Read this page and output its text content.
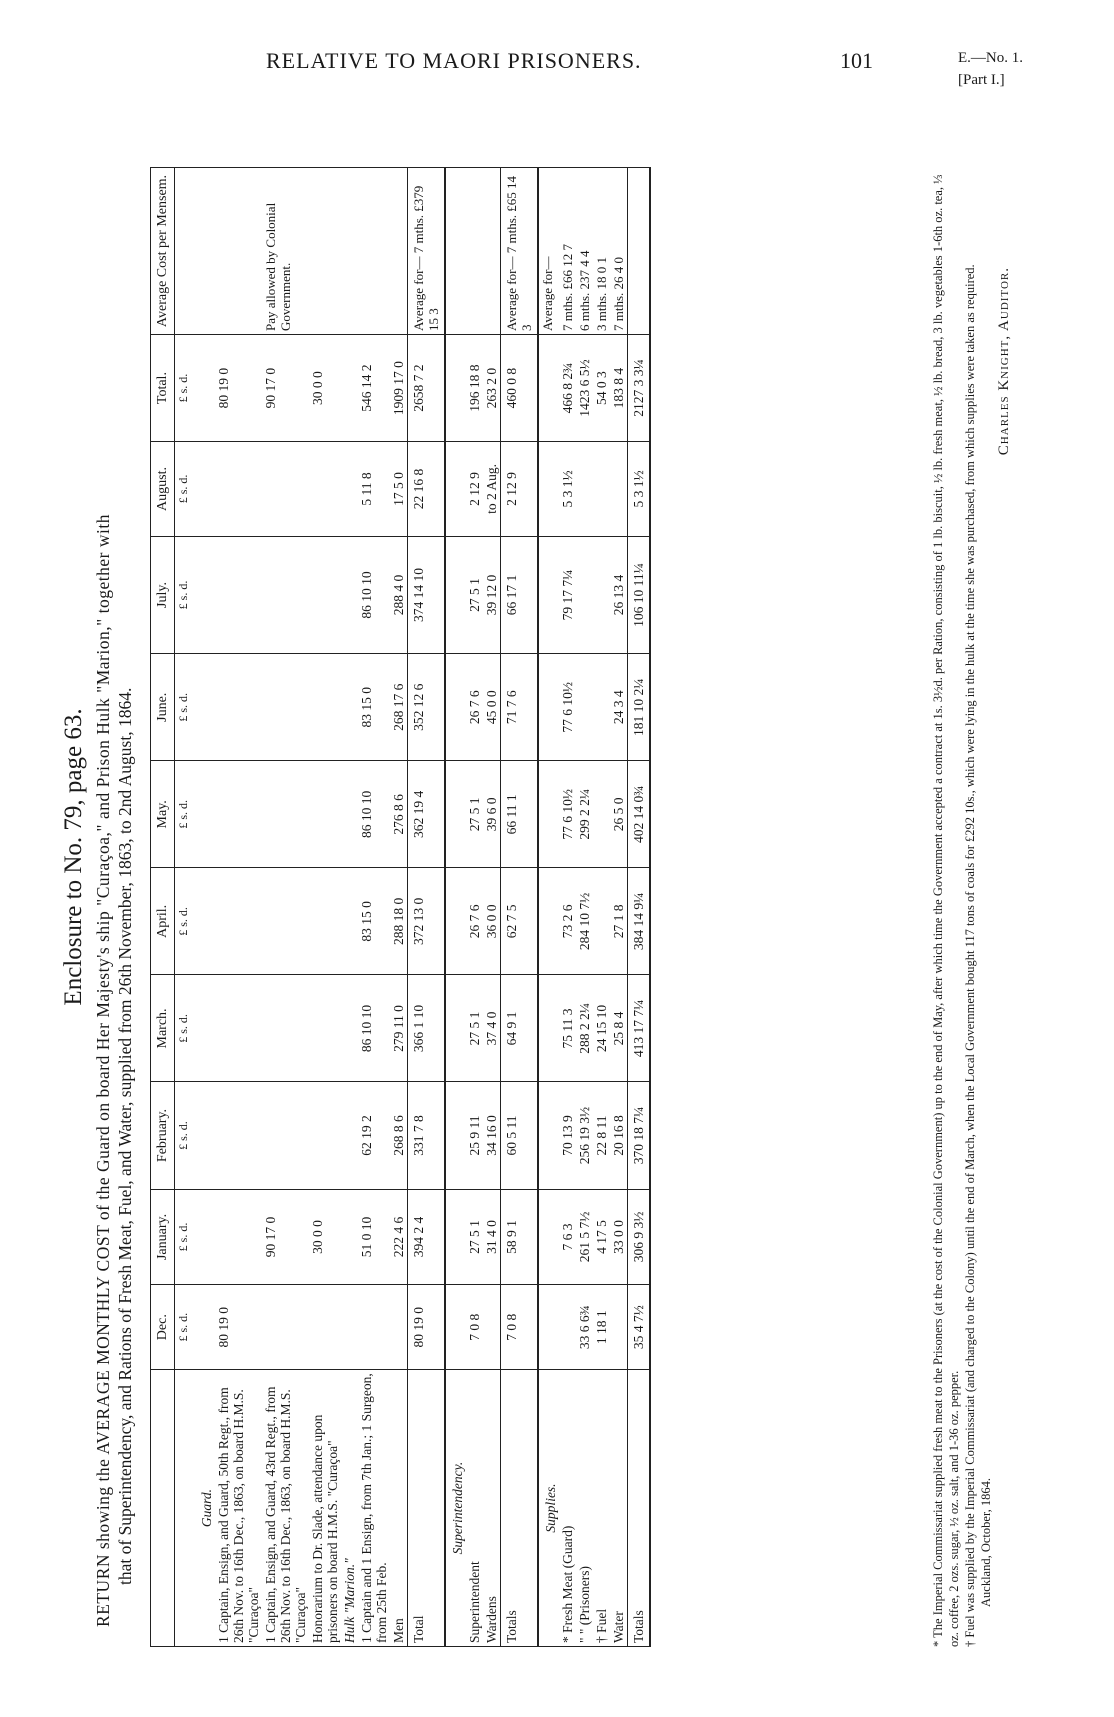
RELATIVE TO MAORI PRISONERS.	101	E.—No. 1.
[Part I.]
Enclosure to No. 79, page 63. RETURN showing the AVERAGE MONTHLY COST of the Guard on board Her Majesty's ship "Curaçoa," and Prison Hulk "Marion," together with that of Superintendency, and Rations of Fresh Meat, Fuel, and Water, supplied from 26th November, 1863, to 2nd August, 1864.
	Dec.	January.	February.	March.	April.	May.	June.	July.	August.	Total.	Average Cost per Mensem.
	£ s. d.	£ s. d.	£ s. d.	£ s. d.	£ s. d.	£ s. d.	£ s. d.	£ s. d.	£ s. d.	£ s. d.	
Guard.											
1 Captain, Ensign, and Guard, 50th Regt., from 26th Nov. to 16th Dec., 1863, on board H.M.S. "Curaçoa"	80 19 0									80 19 0	
1 Captain, Ensign, and Guard, 43rd Regt., from 26th Nov. to 16th Dec., 1863, on board H.M.S. "Curaçoa"		90 17 0								90 17 0	Pay allowed by Colonial Government.
Honorarium to Dr. Slade, attendance upon prisoners on board H.M.S. "Curaçoa"		30 0 0								30 0 0	
Hulk "Marion."											
1 Captain and 1 Ensign, from 7th Jan.; 1 Surgeon, from 25th Feb.		51 0 10	62 19 2	86 10 10	83 15 0	86 10 10	83 15 0	86 10 10	5 11 8	546 14 2	
Men		222 4 6	268 8 6	279 11 0	288 18 0	276 8 6	268 17 6	288 4 0	17 5 0	1909 17 0	
Total	80 19 0	394 2 4	331 7 8	366 1 10	372 13 0	362 19 4	352 12 6	374 14 10	22 16 8	2658 7 2	Average for— 7 mths. £379 15 3
Superintendency.											
Superintendent	7 0 8	27 5 1	25 9 11	27 5 1	26 7 6	27 5 1	26 7 6	27 5 1	2 12 9	196 18 8	
Wardens		31 4 0	34 16 0	37 4 0	36 0 0	39 6 0	45 0 0	39 12 0	to 2 Aug.	263 2 0	
Totals	7 0 8	58 9 1	60 5 11	64 9 1	62 7 5	66 11 1	71 7 6	66 17 1	2 12 9	460 0 8	Average for— 7 mths. £65 14 3
Supplies.											Average for—
* Fresh Meat (Guard)		7 6 3	70 13 9	75 11 3	73 2 6	77 6 10½	77 6 10½	79 17 7¼	5 3 1½	466 8 2¾	7 mths. £66 12 7
" " (Prisoners)	33 6 6¾	261 5 7½	256 19 3½	288 2 2¼	284 10 7½	299 2 2¼				1423 6 5½	6 mths. 237 4 4
† Fuel	1 18 1	4 17 5	22 8 11	24 15 10						54 0 3	3 mths. 18 0 1
Water		33 0 0	20 16 8	25 8 4	27 1 8	26 5 0	24 3 4	26 13 4		183 8 4	7 mths. 26 4 0
Totals	35 4 7½	306 9 3½	370 18 7¼	413 17 7¼	384 14 9¼	402 14 0¾	181 10 2¼	106 10 11¼	5 3 1½	2127 3 3¼		* The Imperial Commissariat supplied fresh meat to the Prisoners (at the cost of the Colonial Government) up to the end of May, after which time the Government accepted a contract at 1s. 3½d. per Ration, consisting of 1 lb. biscuit, ½ lb. fresh meat, ½ lb. bread, 3 lb. vegetables 1-6th oz. tea, ⅓ oz. coffee, 2 ozs. sugar, ½ oz. salt, and 1-36 oz. pepper. † Fuel was supplied by the Imperial Commissariat (and charged to the Colony) until the end of March, when the Local Government bought 117 tons of coals for £292 10s., which were lying in the hulk at the time she was purchased, from which supplies were taken as required. Auckland, October, 1864.
Charles Knight, Auditor.
